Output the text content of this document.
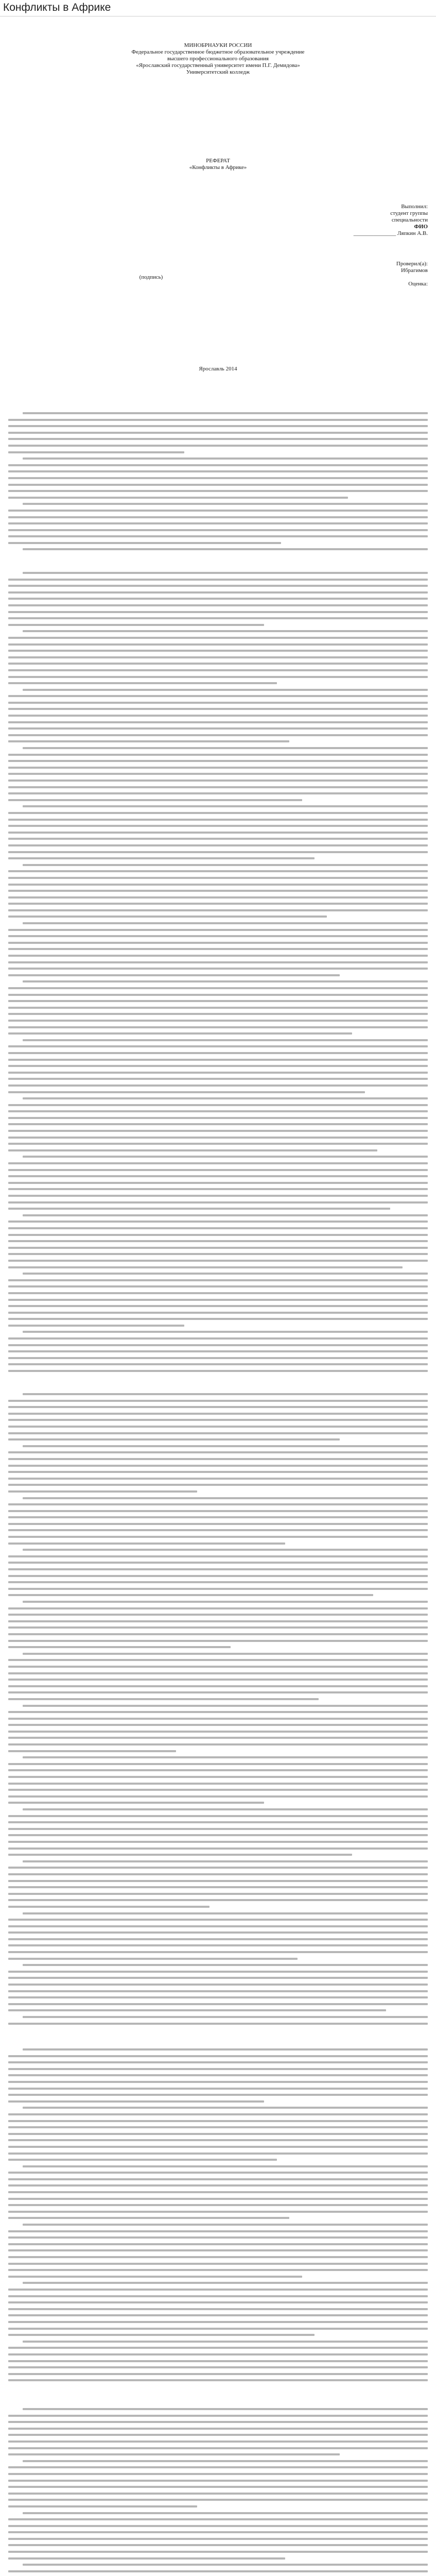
Конфликты в Африке
МИНОБРНАУКИ РОССИИ
Федеральное государственное бюджетное образовательное учреждение
высшего профессионального образования
«Ярославский государственный университет имени П.Г. Демидова»
Университетский колледж
РЕФЕРАТ
«Конфликты в Африке»
Выполнил:
студент группы
специальности
ФИО
_______________ Ляпкин А.В.
Проверил(а):
Ибрагимов
(подпись)
Оценка:
Ярославль 2014
